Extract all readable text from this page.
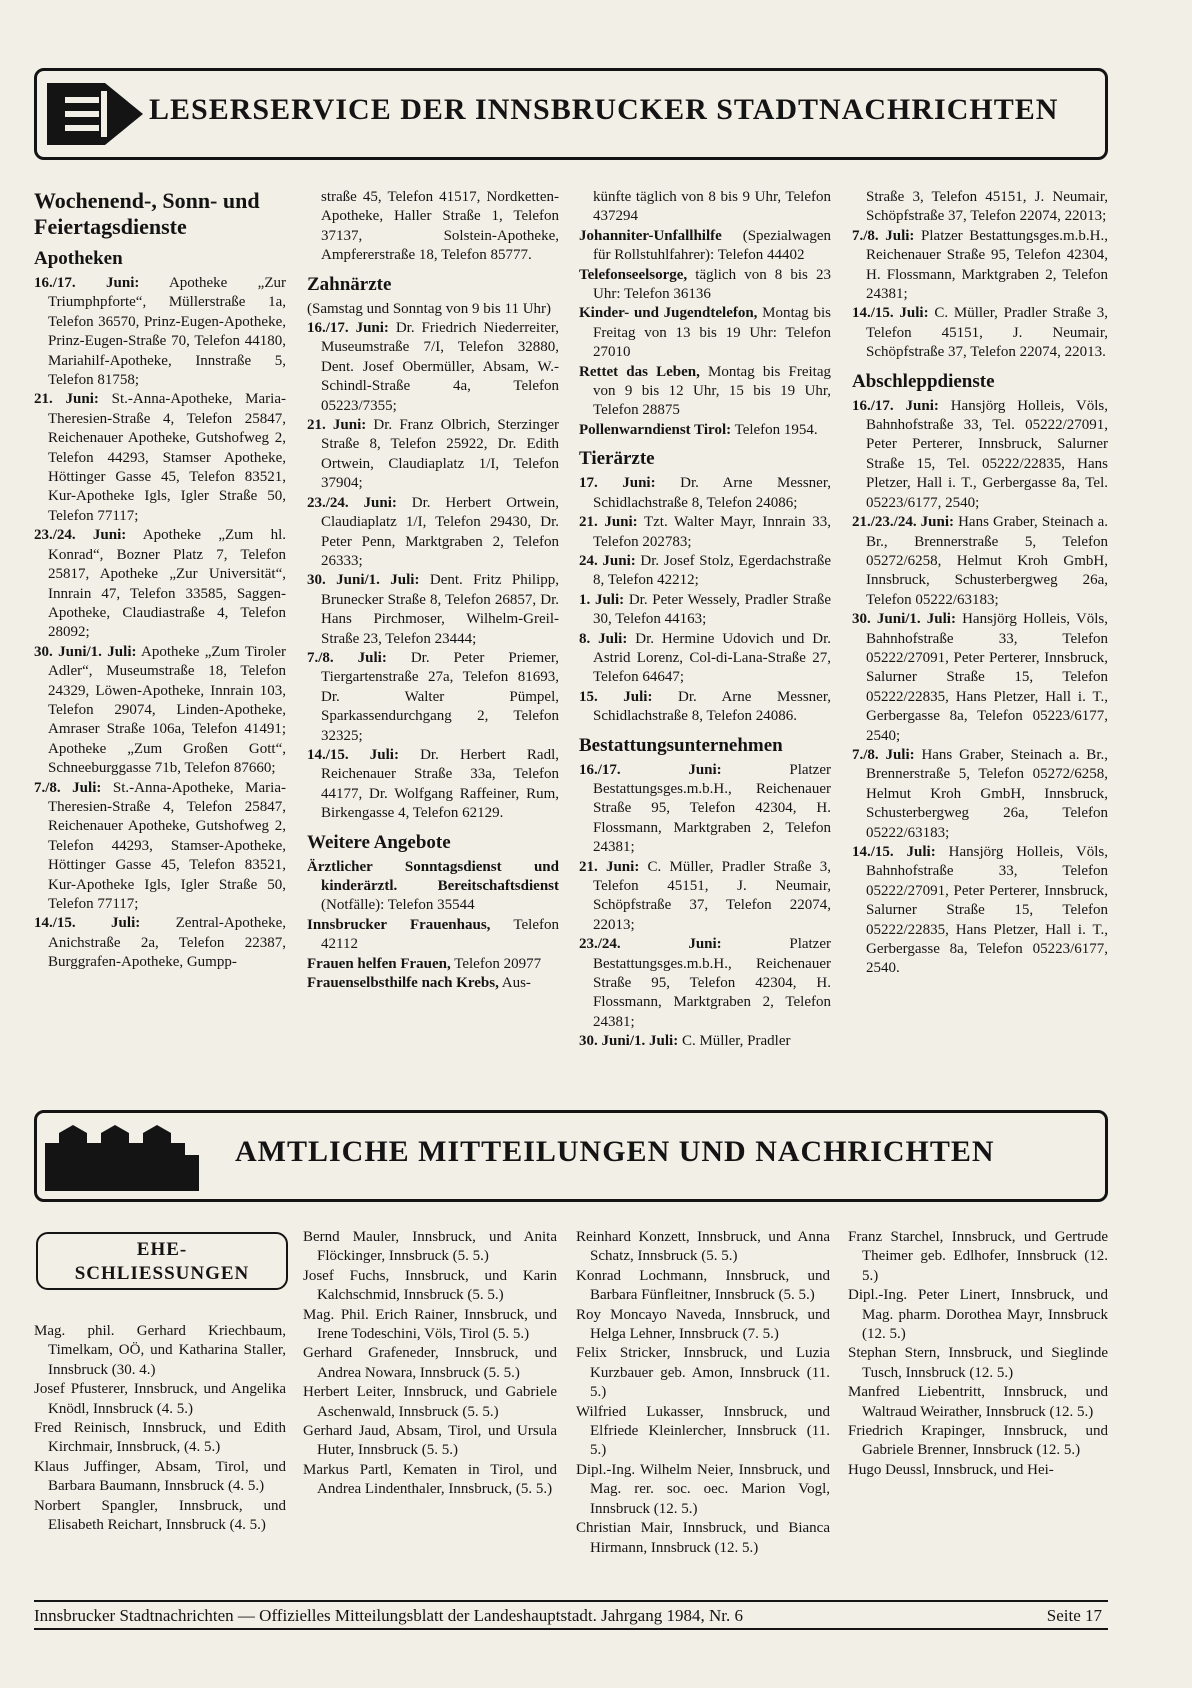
LESERSERVICE DER INNSBRUCKER STADTNACHRICHTEN
Wochenend-, Sonn- und Feiertagsdienste
Apotheken

16./17. Juni: Apotheke „Zur Triumphpforte“, Müllerstraße 1a, Telefon 36570, Prinz-Eugen-Apotheke, Prinz-Eugen-Straße 70, Telefon 44180, Mariahilf-Apotheke, Innstraße 5, Telefon 81758;

21. Juni: St.-Anna-Apotheke, Maria-Theresien-Straße 4, Telefon 25847, Reichenauer Apotheke, Gutshofweg 2, Telefon 44293, Stamser Apotheke, Höttinger Gasse 45, Telefon 83521, Kur-Apotheke Igls, Igler Straße 50, Telefon 77117;

23./24. Juni: Apotheke „Zum hl. Konrad“, Bozner Platz 7, Telefon 25817, Apotheke „Zur Universität“, Innrain 47, Telefon 33585, Saggen-Apotheke, Claudiastraße 4, Telefon 28092;

30. Juni/1. Juli: Apotheke „Zum Tiroler Adler“, Museumstraße 18, Telefon 24329, Löwen-Apotheke, Innrain 103, Telefon 29074, Linden-Apotheke, Amraser Straße 106a, Telefon 41491; Apotheke „Zum Großen Gott“, Schneeburggasse 71b, Telefon 87660;

7./8. Juli: St.-Anna-Apotheke, Maria-Theresien-Straße 4, Telefon 25847, Reichenauer Apotheke, Gutshofweg 2, Telefon 44293, Stamser-Apotheke, Höttinger Gasse 45, Telefon 83521, Kur-Apotheke Igls, Igler Straße 50, Telefon 77117;

14./15. Juli: Zentral-Apotheke, Anichstraße 2a, Telefon 22387, Burggrafen-Apotheke, Gumpp-

straße 45, Telefon 41517, Nordketten-Apotheke, Haller Straße 1, Telefon 37137, Solstein-Apotheke, Ampfererstraße 18, Telefon 85777.

Zahnärzte

(Samstag und Sonntag von 9 bis 11 Uhr)

16./17. Juni: Dr. Friedrich Niederreiter, Museumstraße 7/I, Telefon 32880, Dent. Josef Obermüller, Absam, W.-Schindl-Straße 4a, Telefon 05223/7355;

21. Juni: Dr. Franz Olbrich, Sterzinger Straße 8, Telefon 25922, Dr. Edith Ortwein, Claudiaplatz 1/I, Telefon 37904;

23./24. Juni: Dr. Herbert Ortwein, Claudiaplatz 1/I, Telefon 29430, Dr. Peter Penn, Marktgraben 2, Telefon 26333;

30. Juni/1. Juli: Dent. Fritz Philipp, Brunecker Straße 8, Telefon 26857, Dr. Hans Pirchmoser, Wilhelm-Greil-Straße 23, Telefon 23444;

7./8. Juli: Dr. Peter Priemer, Tiergartenstraße 27a, Telefon 81693, Dr. Walter Pümpel, Sparkassendurchgang 2, Telefon 32325;

14./15. Juli: Dr. Herbert Radl, Reichenauer Straße 33a, Telefon 44177, Dr. Wolfgang Raffeiner, Rum, Birkengasse 4, Telefon 62129.

Weitere Angebote

Ärztlicher Sonntagsdienst und kinderärztl. Bereitschaftsdienst (Notfälle): Telefon 35544

Innsbrucker Frauenhaus, Telefon 42112

Frauen helfen Frauen, Telefon 20977

Frauenselbsthilfe nach Krebs, Aus-

künfte täglich von 8 bis 9 Uhr, Telefon 437294

Johanniter-Unfallhilfe (Spezialwagen für Rollstuhlfahrer): Telefon 44402

Telefonseelsorge, täglich von 8 bis 23 Uhr: Telefon 36136

Kinder- und Jugendtelefon, Montag bis Freitag von 13 bis 19 Uhr: Telefon 27010

Rettet das Leben, Montag bis Freitag von 9 bis 12 Uhr, 15 bis 19 Uhr, Telefon 28875

Pollenwarndienst Tirol: Telefon 1954.

Tierärzte

17. Juni: Dr. Arne Messner, Schidlachstraße 8, Telefon 24086;

21. Juni: Tzt. Walter Mayr, Innrain 33, Telefon 202783;

24. Juni: Dr. Josef Stolz, Egerdachstraße 8, Telefon 42212;

1. Juli: Dr. Peter Wessely, Pradler Straße 30, Telefon 44163;

8. Juli: Dr. Hermine Udovich und Dr. Astrid Lorenz, Col-di-Lana-Straße 27, Telefon 64647;

15. Juli: Dr. Arne Messner, Schidlachstraße 8, Telefon 24086.

Bestattungsunternehmen

16./17. Juni: Platzer Bestattungsges.m.b.H., Reichenauer Straße 95, Telefon 42304, H. Flossmann, Marktgraben 2, Telefon 24381;

21. Juni: C. Müller, Pradler Straße 3, Telefon 45151, J. Neumair, Schöpfstraße 37, Telefon 22074, 22013;

23./24. Juni: Platzer Bestattungsges.m.b.H., Reichenauer Straße 95, Telefon 42304, H. Flossmann, Marktgraben 2, Telefon 24381;

30. Juni/1. Juli: C. Müller, Pradler

Straße 3, Telefon 45151, J. Neumair, Schöpfstraße 37, Telefon 22074, 22013;

7./8. Juli: Platzer Bestattungsges.m.b.H., Reichenauer Straße 95, Telefon 42304, H. Flossmann, Marktgraben 2, Telefon 24381;

14./15. Juli: C. Müller, Pradler Straße 3, Telefon 45151, J. Neumair, Schöpfstraße 37, Telefon 22074, 22013.

Abschleppdienste

16./17. Juni: Hansjörg Holleis, Völs, Bahnhofstraße 33, Tel. 05222/27091, Peter Perterer, Innsbruck, Salurner Straße 15, Tel. 05222/22835, Hans Pletzer, Hall i. T., Gerbergasse 8a, Tel. 05223/6177, 2540;

21./23./24. Juni: Hans Graber, Steinach a. Br., Brennerstraße 5, Telefon 05272/6258, Helmut Kroh GmbH, Innsbruck, Schusterbergweg 26a, Telefon 05222/63183;

30. Juni/1. Juli: Hansjörg Holleis, Völs, Bahnhofstraße 33, Telefon 05222/27091, Peter Perterer, Innsbruck, Salurner Straße 15, Telefon 05222/22835, Hans Pletzer, Hall i. T., Gerbergasse 8a, Telefon 05223/6177, 2540;

7./8. Juli: Hans Graber, Steinach a. Br., Brennerstraße 5, Telefon 05272/6258, Helmut Kroh GmbH, Innsbruck, Schusterbergweg 26a, Telefon 05222/63183;

14./15. Juli: Hansjörg Holleis, Völs, Bahnhofstraße 33, Telefon 05222/27091, Peter Perterer, Innsbruck, Salurner Straße 15, Telefon 05222/22835, Hans Pletzer, Hall i. T., Gerbergasse 8a, Telefon 05223/6177, 2540.

AMTLICHE MITTEILUNGEN UND NACHRICHTEN
EHE-
SCHLIESSUNGEN

Mag. phil. Gerhard Kriechbaum, Timelkam, OÖ, und Katharina Staller, Innsbruck (30. 4.)

Josef Pfusterer, Innsbruck, und Angelika Knödl, Innsbruck (4. 5.)

Fred Reinisch, Innsbruck, und Edith Kirchmair, Innsbruck, (4. 5.)

Klaus Juffinger, Absam, Tirol, und Barbara Baumann, Innsbruck (4. 5.)

Norbert Spangler, Innsbruck, und Elisabeth Reichart, Innsbruck (4. 5.)

Bernd Mauler, Innsbruck, und Anita Flöckinger, Innsbruck (5. 5.)

Josef Fuchs, Innsbruck, und Karin Kalchschmid, Innsbruck (5. 5.)

Mag. Phil. Erich Rainer, Innsbruck, und Irene Todeschini, Völs, Tirol (5. 5.)

Gerhard Grafeneder, Innsbruck, und Andrea Nowara, Innsbruck (5. 5.)

Herbert Leiter, Innsbruck, und Gabriele Aschenwald, Innsbruck (5. 5.)

Gerhard Jaud, Absam, Tirol, und Ursula Huter, Innsbruck (5. 5.)

Markus Partl, Kematen in Tirol, und Andrea Lindenthaler, Innsbruck, (5. 5.)

Reinhard Konzett, Innsbruck, und Anna Schatz, Innsbruck (5. 5.)

Konrad Lochmann, Innsbruck, und Barbara Fünfleitner, Innsbruck (5. 5.)

Roy Moncayo Naveda, Innsbruck, und Helga Lehner, Innsbruck (7. 5.)

Felix Stricker, Innsbruck, und Luzia Kurzbauer geb. Amon, Innsbruck (11. 5.)

Wilfried Lukasser, Innsbruck, und Elfriede Kleinlercher, Innsbruck (11. 5.)

Dipl.-Ing. Wilhelm Neier, Innsbruck, und Mag. rer. soc. oec. Marion Vogl, Innsbruck (12. 5.)

Christian Mair, Innsbruck, und Bianca Hirmann, Innsbruck (12. 5.)

Franz Starchel, Innsbruck, und Gertrude Theimer geb. Edlhofer, Innsbruck (12. 5.)

Dipl.-Ing. Peter Linert, Innsbruck, und Mag. pharm. Dorothea Mayr, Innsbruck (12. 5.)

Stephan Stern, Innsbruck, und Sieglinde Tusch, Innsbruck (12. 5.)

Manfred Liebentritt, Innsbruck, und Waltraud Weirather, Innsbruck (12. 5.)

Friedrich Krapinger, Innsbruck, und Gabriele Brenner, Innsbruck (12. 5.)

Hugo Deussl, Innsbruck, und Hei-

Innsbrucker Stadtnachrichten — Offizielles Mitteilungsblatt der Landeshauptstadt. Jahrgang 1984, Nr. 6	Seite 17
